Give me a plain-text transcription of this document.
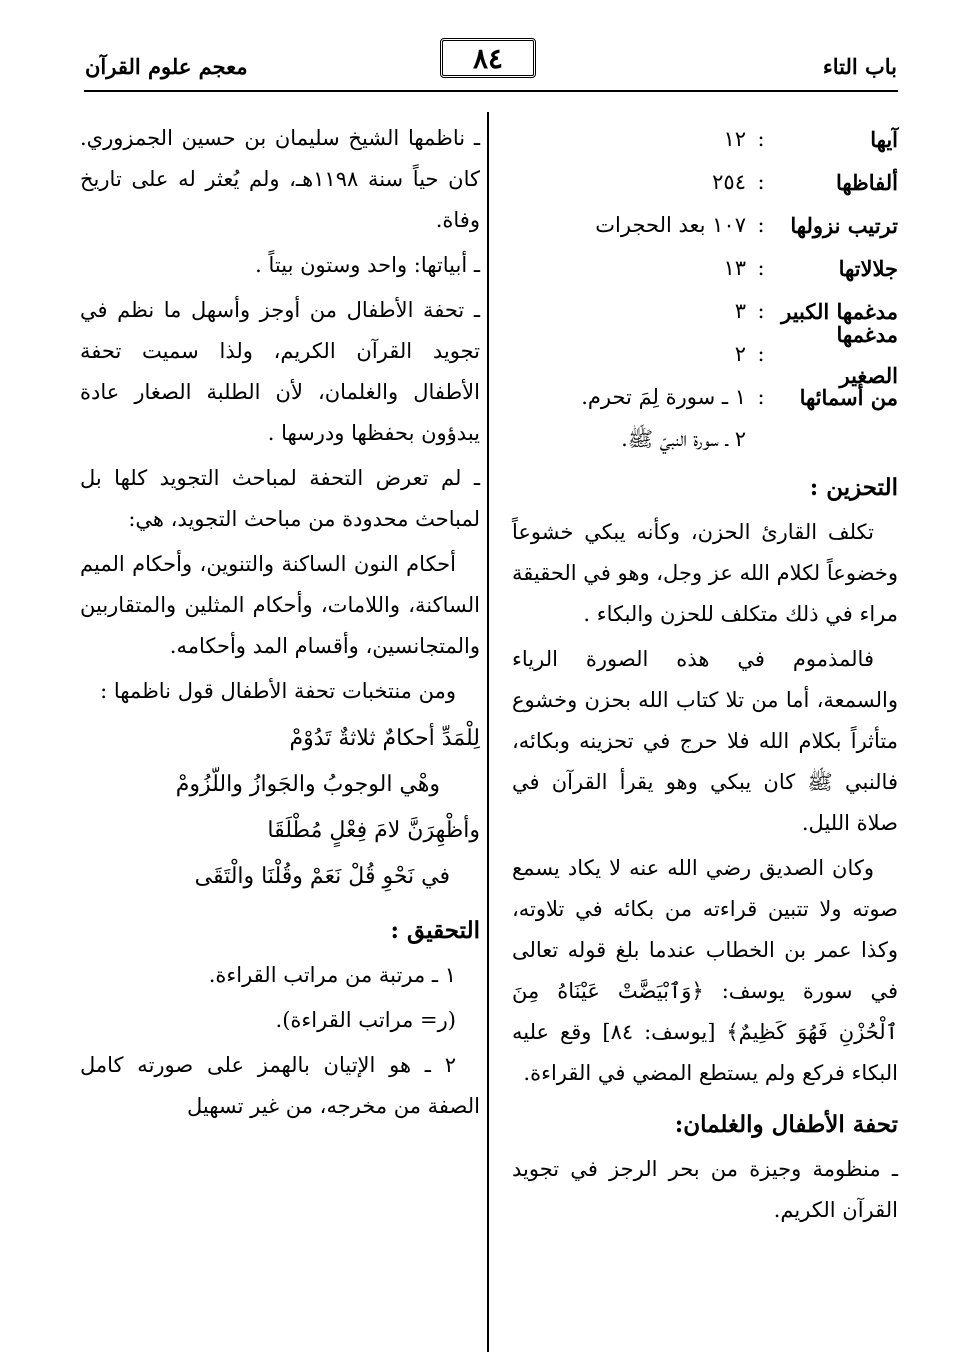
باب التاء
٨٤
معجم علوم القرآن
آيها
:
١٢
ألفاظها
:
٢٥٤
ترتيب نزولها
:
١٠٧ بعد الحجرات
جلالاتها
:
١٣
مدغمها الكبير
:
٣
مدغمها الصغير
:
٢
من أسمائها
:
١ ـ سورة لِمَ تحرم.
٢ ـ سورة النبيّ ﷺ.
التحزين :

تكلف القارئ الحزن، وكأنه يبكي خشوعاً وخضوعاً لكلام الله عز وجل، وهو في الحقيقة مراء في ذلك متكلف للحزن والبكاء .

فالمذموم في هذه الصورة الرياء والسمعة، أما من تلا كتاب الله بحزن وخشوع متأثراً بكلام الله فلا حرج في تحزينه وبكائه، فالنبي ﷺ كان يبكي وهو يقرأ القرآن في صلاة الليل.

وكان الصديق رضي الله عنه لا يكاد يسمع صوته ولا تتبين قراءته من بكائه في تلاوته، وكذا عمر بن الخطاب عندما بلغ قوله تعالى في سورة يوسف: ﴿وَٱبْيَضَّتْ عَيْنَاهُ مِنَ ٱلْحُزْنِ فَهُوَ كَظِيمٌ﴾ [يوسف: ٨٤] وقع عليه البكاء فركع ولم يستطع المضي في القراءة.

تحفة الأطفال والغلمان:

ـ منظومة وجيزة من بحر الرجز في تجويد القرآن الكريم.

ـ ناظمها الشيخ سليمان بن حسين الجمزوري. كان حياً سنة ١١٩٨هـ، ولم يُعثر له على تاريخ وفاة.

ـ أبياتها: واحد وستون بيتاً .

ـ تحفة الأطفال من أوجز وأسهل ما نظم في تجويد القرآن الكريم، ولذا سميت تحفة الأطفال والغلمان، لأن الطلبة الصغار عادة يبدؤون بحفظها ودرسها .

ـ لم تعرض التحفة لمباحث التجويد كلها بل لمباحث محدودة من مباحث التجويد، هي:

أحكام النون الساكنة والتنوين، وأحكام الميم الساكنة، واللامات، وأحكام المثلين والمتقاربين والمتجانسين، وأقسام المد وأحكامه.

ومن منتخبات تحفة الأطفال قول ناظمها :

لِلْمَدِّ أحكامٌ ثلاثةٌ تَدُوْمْ
وهْي الوجوبُ والجَوازُ واللّزُومْ
وأظْهِرَنَّ لامَ فِعْلٍ مُطْلَقَا
في نَحْوِ قُلْ نَعَمْ وقُلْنَا والْتَقَى
التحقيق :

١ ـ مرتبة من مراتب القراءة.

(ر= مراتب القراءة).

٢ ـ هو الإتيان بالهمز على صورته كامل الصفة من مخرجه، من غير تسهيل
